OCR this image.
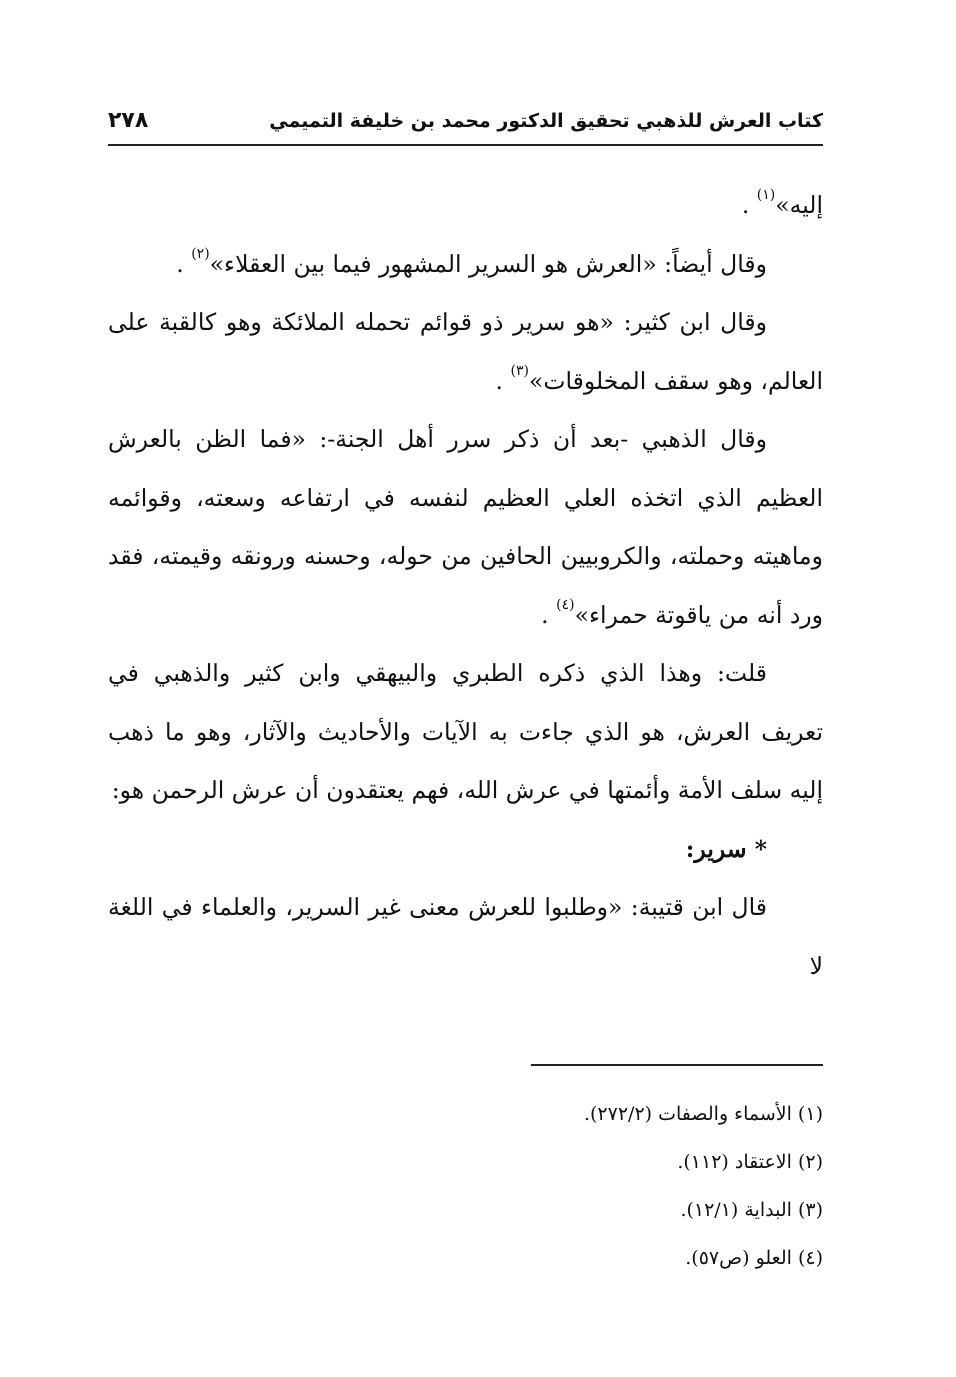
كتاب العرش للذهبي تحقيق الدكتور محمد بن خليفة التميمي
٢٧٨

إليه»$^{(١)}$ .

وقال أيضاً: «العرش هو السرير المشهور فيما بين العقلاء»$^{(٢)}$ .

وقال ابن كثير: «هو سرير ذو قوائم تحمله الملائكة وهو كالقبة على العالم، وهو سقف المخلوقات»$^{(٣)}$ .

وقال الذهبي -بعد أن ذكر سرر أهل الجنة-: «فما الظن بالعرش العظيم الذي اتخذه العلي العظيم لنفسه في ارتفاعه وسعته، وقوائمه وماهيته وحملته، والكروبيين الحافين من حوله، وحسنه ورونقه وقيمته، فقد ورد أنه من ياقوتة حمراء»$^{(٤)}$ .

قلت: وهذا الذي ذكره الطبري والبيهقي وابن كثير والذهبي في تعريف العرش، هو الذي جاءت به الآيات والأحاديث والآثار، وهو ما ذهب إليه سلف الأمة وأئمتها في عرش الله، فهم يعتقدون أن عرش الرحمن هو:

* سرير:

قال ابن قتيبة: «وطلبوا للعرش معنى غير السرير، والعلماء في اللغة لا

(١) الأسماء والصفات (٢٧٢/٢).
(٢) الاعتقاد (١١٢).
(٣) البداية (١٢/١).
(٤) العلو (ص٥٧).
